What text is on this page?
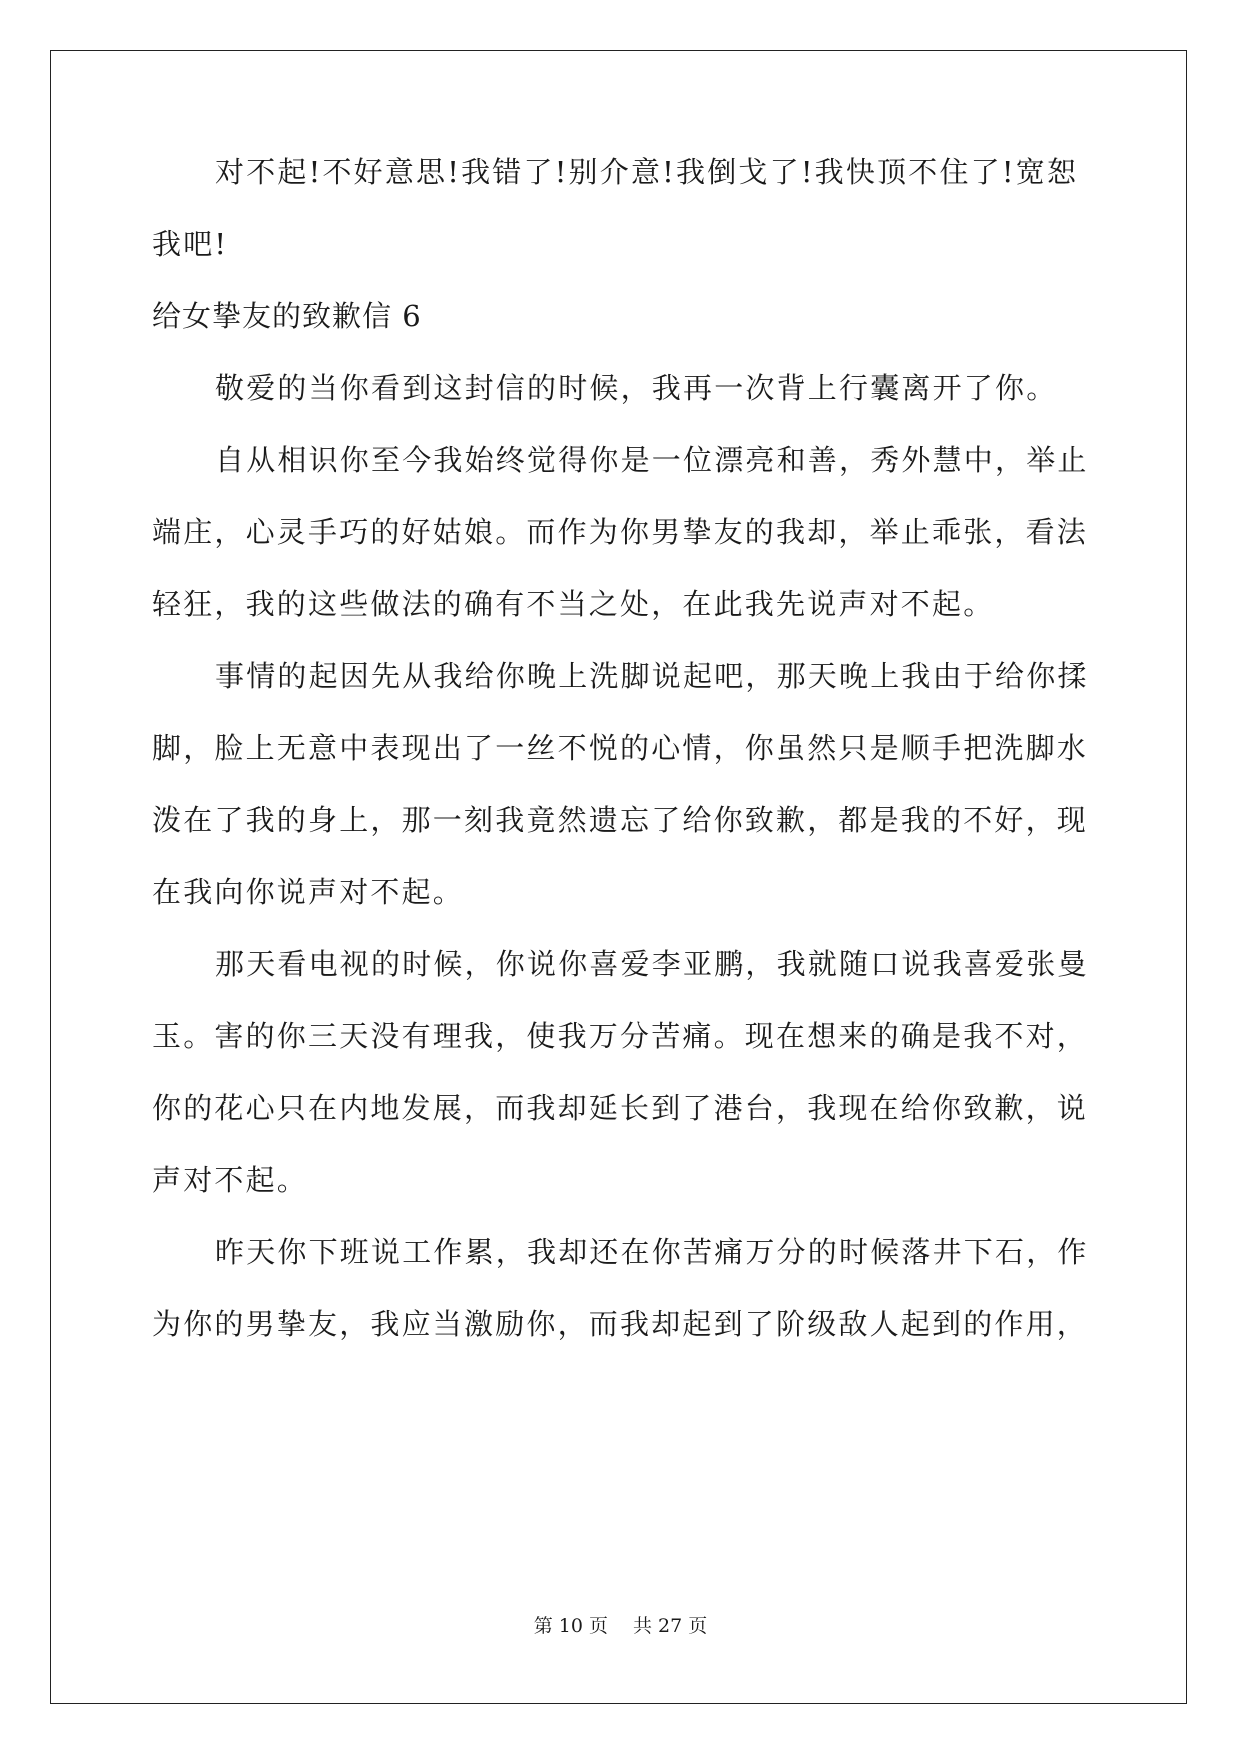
对不起!不好意思!我错了!别介意!我倒戈了!我快顶不住了!宽恕
我吧!
给女挚友的致歉信 6
敬爱的当你看到这封信的时候，我再一次背上行囊离开了你。
自从相识你至今我始终觉得你是一位漂亮和善，秀外慧中，举止
端庄，心灵手巧的好姑娘。而作为你男挚友的我却，举止乖张，看法
轻狂，我的这些做法的确有不当之处，在此我先说声对不起。
事情的起因先从我给你晚上洗脚说起吧，那天晚上我由于给你揉
脚，脸上无意中表现出了一丝不悦的心情，你虽然只是顺手把洗脚水
泼在了我的身上，那一刻我竟然遗忘了给你致歉，都是我的不好，现
在我向你说声对不起。
那天看电视的时候，你说你喜爱李亚鹏，我就随口说我喜爱张曼
玉。害的你三天没有理我，使我万分苦痛。现在想来的确是我不对，
你的花心只在内地发展，而我却延长到了港台，我现在给你致歉，说
声对不起。
昨天你下班说工作累，我却还在你苦痛万分的时候落井下石，作
为你的男挚友，我应当激励你，而我却起到了阶级敌人起到的作用，
第 10 页　 共 27 页
